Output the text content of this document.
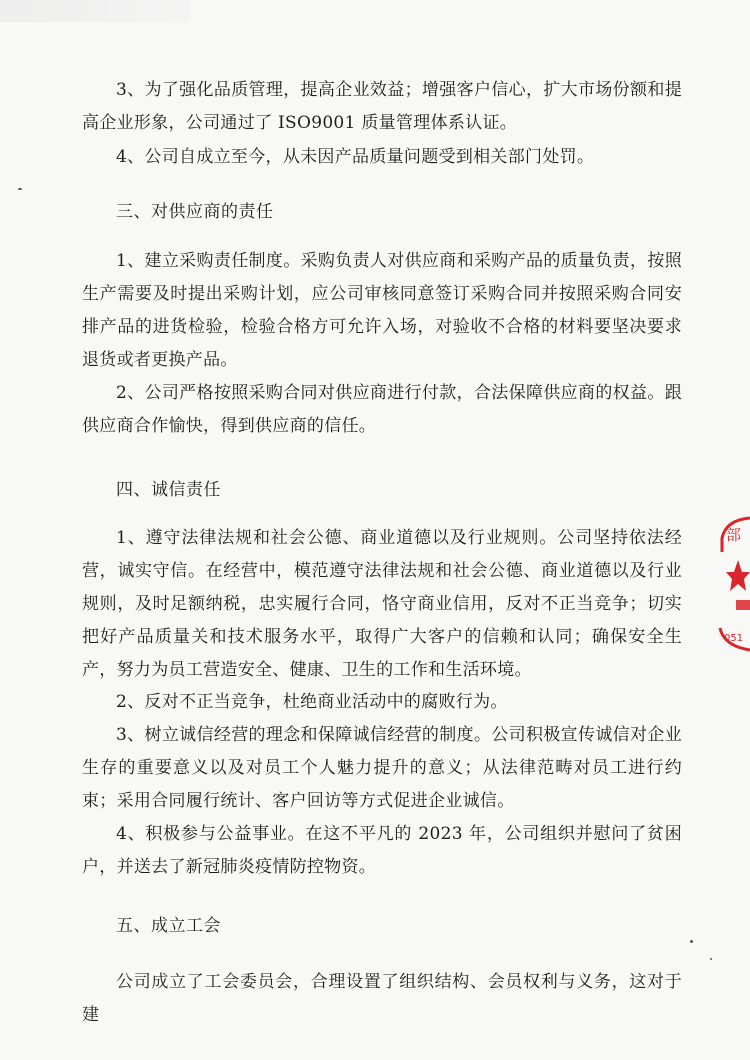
3、为了强化品质管理，提高企业效益；增强客户信心，扩大市场份额和提高企业形象，公司通过了 ISO9001 质量管理体系认证。

4、公司自成立至今，从未因产品质量问题受到相关部门处罚。

三、对供应商的责任

1、建立采购责任制度。采购负责人对供应商和采购产品的质量负责，按照生产需要及时提出采购计划，应公司审核同意签订采购合同并按照采购合同安排产品的进货检验，检验合格方可允许入场，对验收不合格的材料要坚决要求退货或者更换产品。

2、公司严格按照采购合同对供应商进行付款，合法保障供应商的权益。跟供应商合作愉快，得到供应商的信任。

四、诚信责任

1、遵守法律法规和社会公德、商业道德以及行业规则。公司坚持依法经营，诚实守信。在经营中，模范遵守法律法规和社会公德、商业道德以及行业规则，及时足额纳税，忠实履行合同，恪守商业信用，反对不正当竞争；切实把好产品质量关和技术服务水平，取得广大客户的信赖和认同；确保安全生产，努力为员工营造安全、健康、卫生的工作和生活环境。

2、反对不正当竞争，杜绝商业活动中的腐败行为。

3、树立诚信经营的理念和保障诚信经营的制度。公司积极宣传诚信对企业生存的重要意义以及对员工个人魅力提升的意义；从法律范畴对员工进行约束；采用合同履行统计、客户回访等方式促进企业诚信。

4、积极参与公益事业。在这不平凡的 2023 年，公司组织并慰问了贫困户，并送去了新冠肺炎疫情防控物资。

五、成立工会

公司成立了工会委员会，合理设置了组织结构、会员权利与义务，这对于建

部
051
